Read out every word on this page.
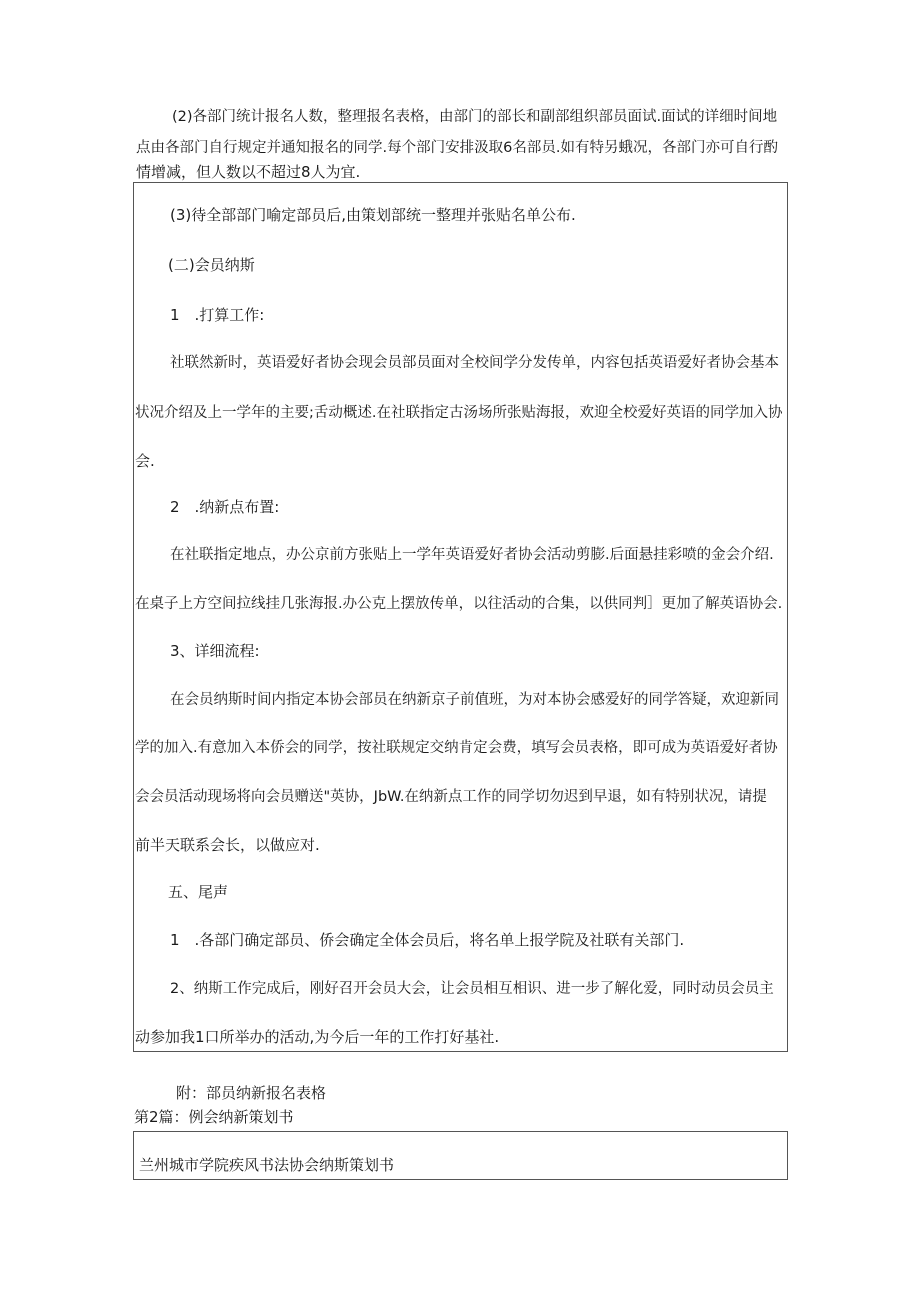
(2)各部门统计报名人数，整理报名表格，由部门的部长和副部组织部员面试.面试的详细时间地

点由各部门自行规定并通知报名的同学.每个部门安排汲取6名部员.如有特另蛾况，各部门亦可自行酌

情增减，但人数以不超过8人为宜.

(3)待全部部门喻定部员后,由策划部统一整理并张贴名单公布.

(二)会员纳斯

1　.打算工作:

社联然新时，英语爱好者协会现会员部员面对全校间学分发传单，内容包括英语爱好者协会基本

状况介绍及上一学年的主要;舌动概述.在社联指定古汤场所张贴海报，欢迎全校爱好英语的同学加入协

会.

2　.纳新点布置:

在社联指定地点，办公京前方张贴上一学年英语爱好者协会活动剪膨.后面悬挂彩喷的金会介绍.

在桌子上方空间拉线挂几张海报.办公克上摆放传单，以往活动的合集，以供同判］更加了解英语协会.

3、详细流程:

在会员纳斯时间内指定本协会部员在纳新京子前值班，为对本协会感爱好的同学答疑，欢迎新同

学的加入.有意加入本侨会的同学，按社联规定交纳肯定会费，填写会员表格，即可成为英语爱好者协

会会员活动现场将向会员赠送"英协，JbW.在纳新点工作的同学切勿迟到早退，如有特别状况，请提

前半天联系会长，以做应对.

五、尾声

1　.各部门确定部员、侨会确定全体会员后，将名单上报学院及社联有关部门.

2、纳斯工作完成后，刚好召开会员大会，让会员相互相识、进一步了解化爱，同时动员会员主

动参加我1口所举办的活动,为今后一年的工作打好基社.

附：部员纳新报名表格

第2篇：例会纳新策划书

兰州城市学院疾风书法协会纳斯策划书
